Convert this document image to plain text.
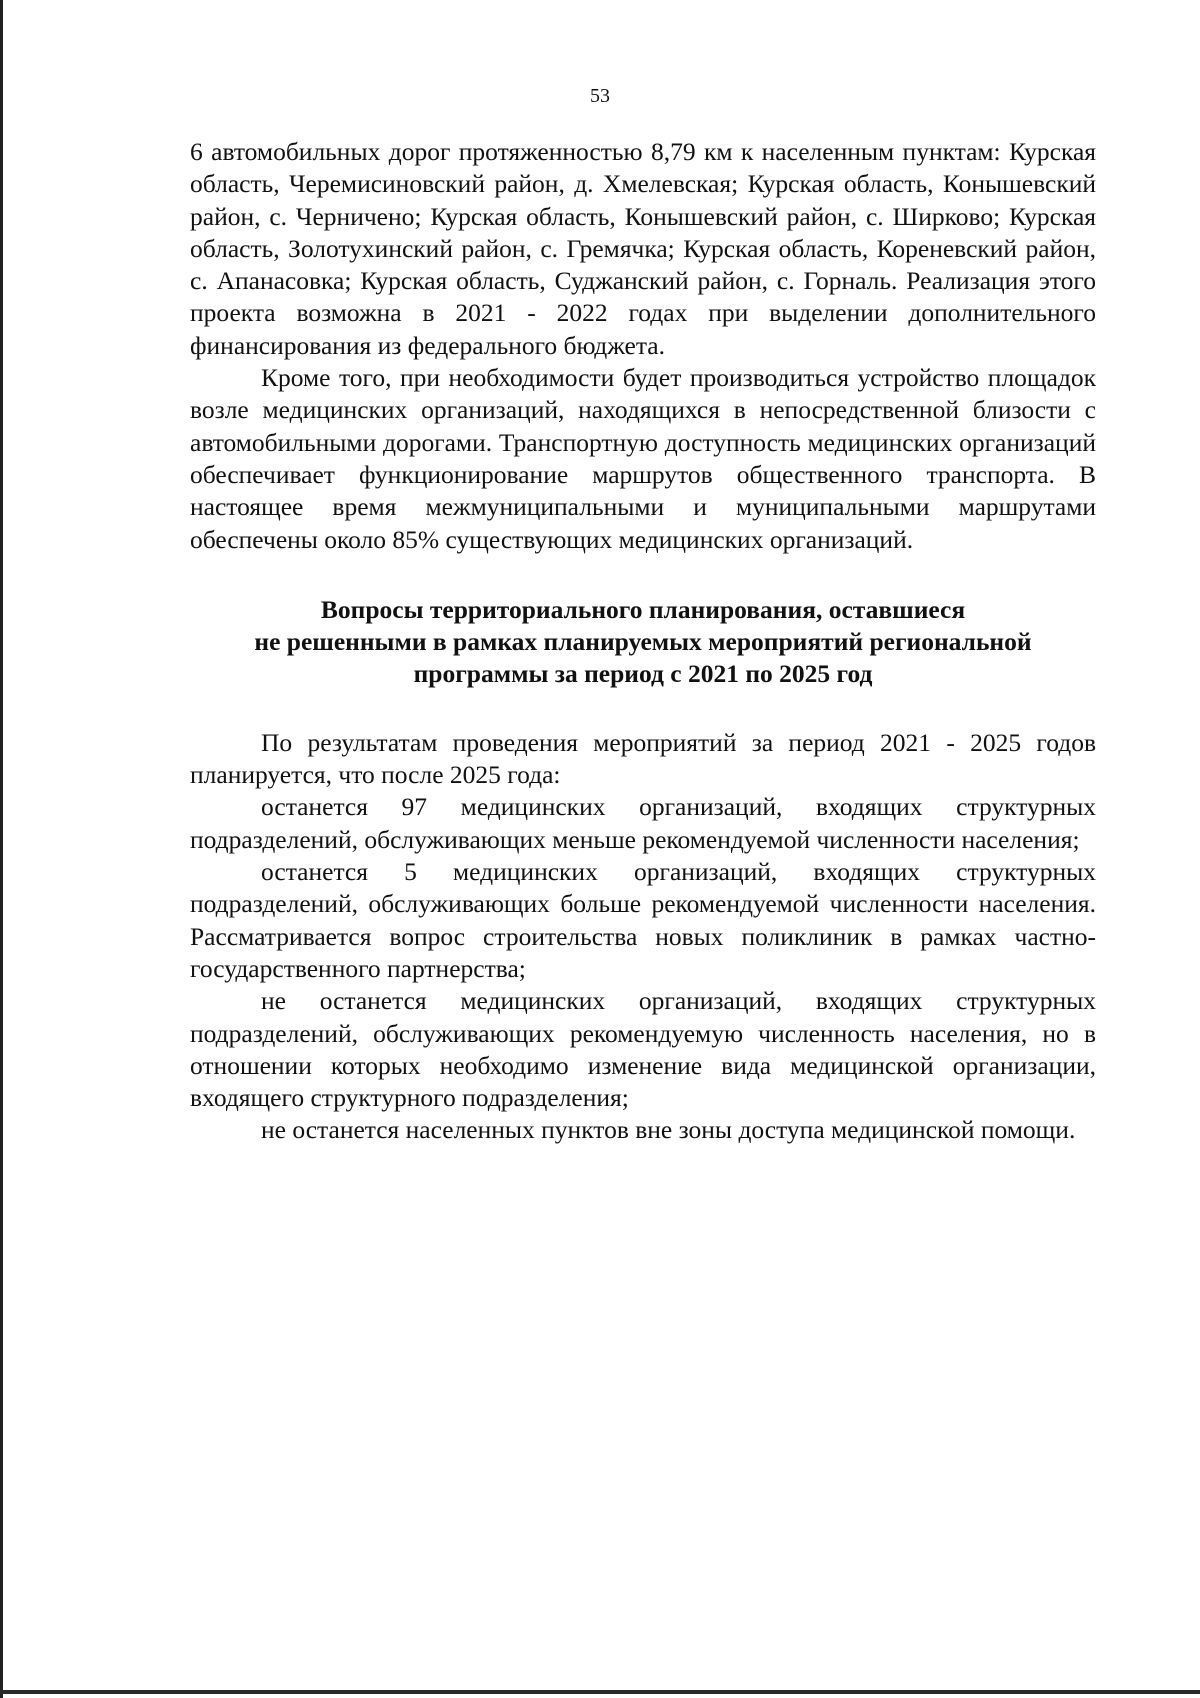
53

6 автомобильных дорог протяженностью 8,79 км к населенным пунктам: Курская область, Черемисиновский район, д. Хмелевская; Курская область, Конышевский район, с. Черничено; Курская область, Конышевский район, с. Ширково; Курская область, Золотухинский район, с. Гремячка; Курская область, Кореневский район, с. Апанасовка; Курская область, Суджанский район, с. Горналь. Реализация этого проекта возможна в 2021 - 2022 годах при выделении дополнительного финансирования из федерального бюджета.

Кроме того, при необходимости будет производиться устройство площадок возле медицинских организаций, находящихся в непосредственной близости с автомобильными дорогами. Транспортную доступность медицинских организаций обеспечивает функционирование маршрутов общественного транспорта. В настоящее время межмуниципальными и муниципальными маршрутами обеспечены около 85% существующих медицинских организаций.

Вопросы территориального планирования, оставшиеся
не решенными в рамках планируемых мероприятий региональной
программы за период с 2021 по 2025 год

По результатам проведения мероприятий за период 2021 - 2025 годов планируется, что после 2025 года:

останется 97 медицинских организаций, входящих структурных подразделений, обслуживающих меньше рекомендуемой численности населения;

останется 5 медицинских организаций, входящих структурных подразделений, обслуживающих больше рекомендуемой численности населения. Рассматривается вопрос строительства новых поликлиник в рамках частно-государственного партнерства;

не останется медицинских организаций, входящих структурных подразделений, обслуживающих рекомендуемую численность населения, но в отношении которых необходимо изменение вида медицинской организации, входящего структурного подразделения;

не останется населенных пунктов вне зоны доступа медицинской помощи.
